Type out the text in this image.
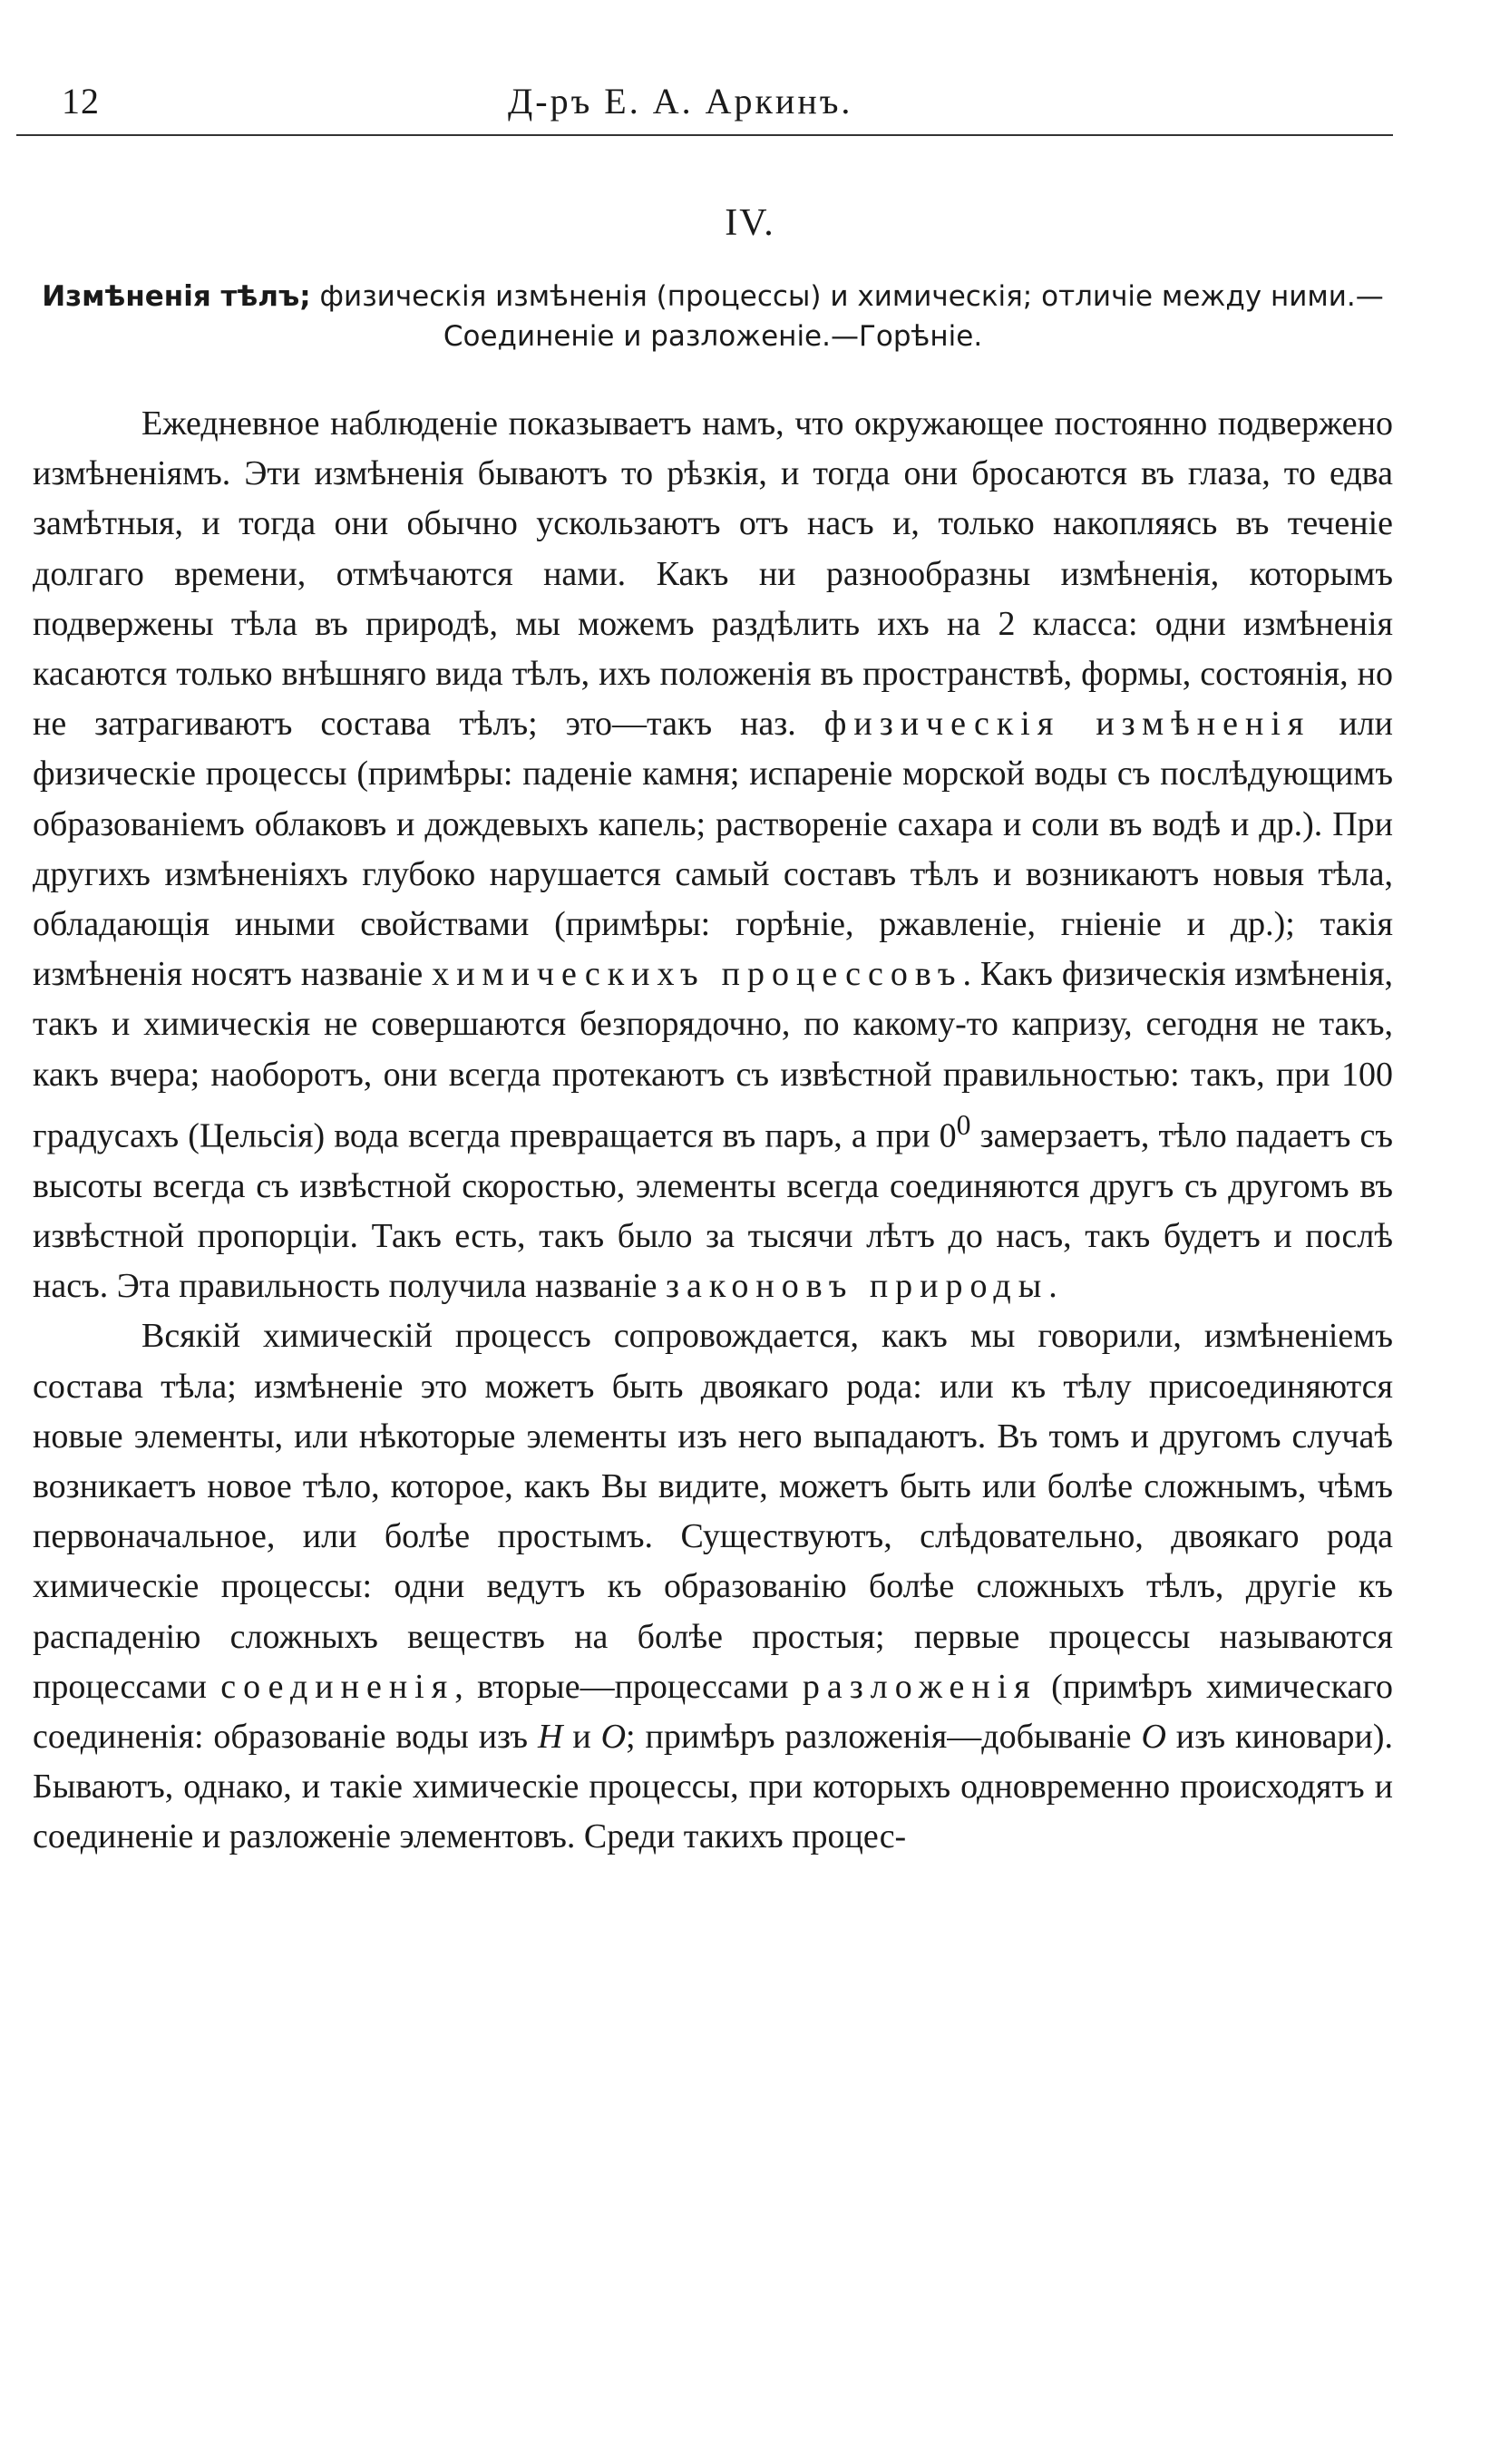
12	Д-ръ Е. А. Аркинъ.
IV.
Измѣненія тѣлъ; физическія измѣненія (процессы) и химическія; отличіе между ними.—Соединеніе и разложеніе.—Горѣніе.

Ежедневное наблюденіе показываетъ намъ, что окружающее постоянно подвержено измѣненіямъ. Эти измѣненія бываютъ то рѣзкія, и тогда они бросаются въ глаза, то едва замѣтныя, и тогда они обычно ускользаютъ отъ насъ и, только накопляясь въ теченіе долгаго времени, отмѣчаются нами. Какъ ни разнообразны измѣненія, которымъ подвержены тѣла въ природѣ, мы можемъ раздѣлить ихъ на 2 класса: одни измѣненія касаются только внѣшняго вида тѣлъ, ихъ положенія въ пространствѣ, формы, состоянія, но не затрагиваютъ состава тѣлъ; это—такъ наз. физическія измѣненія или физическіе процессы (примѣры: паденіе камня; испареніе морской воды съ послѣдующимъ образованіемъ облаковъ и дождевыхъ капель; раствореніе сахара и соли въ водѣ и др.). При другихъ измѣненіяхъ глубоко нарушается самый составъ тѣлъ и возникаютъ новыя тѣла, обладающія иными свойствами (примѣры: горѣніе, ржавленіе, гніеніе и др.); такія измѣненія носятъ названіе химическихъ процессовъ. Какъ физическія измѣненія, такъ и химическія не совершаются безпорядочно, по какому-то капризу, сегодня не такъ, какъ вчера; наоборотъ, они всегда протекаютъ съ извѣстной правильностью: такъ, при 100 градусахъ (Цельсія) вода всегда превращается въ паръ, а при $0^0$ замерзаетъ, тѣло падаетъ съ высоты всегда съ извѣстной скоростью, элементы всегда соединяются другъ съ другомъ въ извѣстной пропорціи. Такъ есть, такъ было за тысячи лѣтъ до насъ, такъ будетъ и послѣ насъ. Эта правильность получила названіе законовъ природы.

Всякій химическій процессъ сопровождается, какъ мы говорили, измѣненіемъ состава тѣла; измѣненіе это можетъ быть двоякаго рода: или къ тѣлу присоединяются новые элементы, или нѣкоторые элементы изъ него выпадаютъ. Въ томъ и другомъ случаѣ возникаетъ новое тѣло, которое, какъ Вы видите, можетъ быть или болѣе сложнымъ, чѣмъ первоначальное, или болѣе простымъ. Существуютъ, слѣдовательно, двоякаго рода химическіе процессы: одни ведутъ къ образованію болѣе сложныхъ тѣлъ, другіе къ распаденію сложныхъ веществъ на болѣе простыя; первые процессы называются процессами соединенія, вторые—процессами разложенія (примѣръ химическаго соединенія: образованіе воды изъ H и O; примѣръ разложенія—добываніе O изъ киновари). Бываютъ, однако, и такіе химическіе процессы, при которыхъ одновременно происходятъ и соединеніе и разложеніе элементовъ. Среди такихъ процес-
